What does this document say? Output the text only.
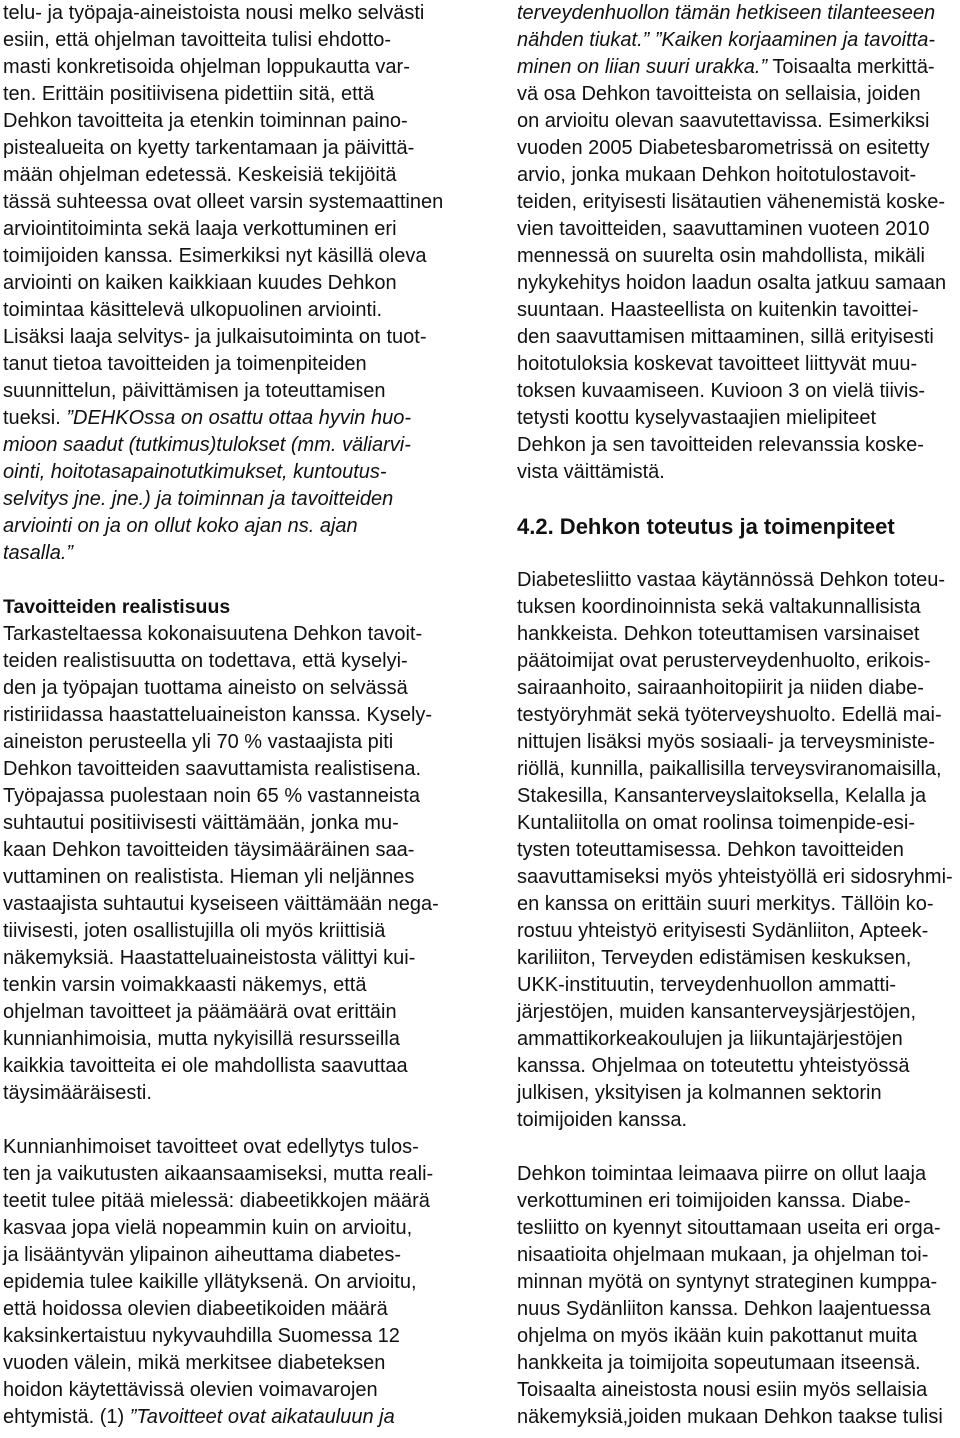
telu- ja työpaja-aineistoista nousi melko selvästi
esiin, että ohjelman tavoitteita tulisi ehdotto-
masti konkretisoida ohjelman loppukautta var-
ten. Erittäin positiivisena pidettiin sitä, että
Dehkon tavoitteita ja etenkin toiminnan paino-
pistealueita on kyetty tarkentamaan ja päivittä-
mään ohjelman edetessä. Keskeisiä tekijöitä
tässä suhteessa ovat olleet varsin systemaattinen
arviointitoiminta sekä laaja verkottuminen eri
toimijoiden kanssa. Esimerkiksi nyt käsillä oleva
arviointi on kaiken kaikkiaan kuudes Dehkon
toimintaa käsittelevä ulkopuolinen arviointi.
Lisäksi laaja selvitys- ja julkaisutoiminta on tuot-
tanut tietoa tavoitteiden ja toimenpiteiden
suunnittelun, päivittämisen ja toteuttamisen
tueksi. ”DEHKOssa on osattu ottaa hyvin huo-
mioon saadut (tutkimus)tulokset (mm. väliarvi-
ointi, hoitotasapainotutkimukset, kuntoutus-
selvitys jne. jne.) ja toiminnan ja tavoitteiden
arviointi on ja on ollut koko ajan ns. ajan
tasalla.”
Tavoitteiden realistisuus
Tarkasteltaessa kokonaisuutena Dehkon tavoit-
teiden realistisuutta on todettava, että kyselyi-
den ja työpajan tuottama aineisto on selvässä
ristiriidassa haastatteluaineiston kanssa. Kysely-
aineiston perusteella yli 70 % vastaajista piti
Dehkon tavoitteiden saavuttamista realistisena.
Työpajassa puolestaan noin 65 % vastanneista
suhtautui positiivisesti väittämään, jonka mu-
kaan Dehkon tavoitteiden täysimääräinen saa-
vuttaminen on realistista. Hieman yli neljännes
vastaajista suhtautui kyseiseen väittämään nega-
tiivisesti, joten osallistujilla oli myös kriittisiä
näkemyksiä. Haastatteluaineistosta välittyi kui-
tenkin varsin voimakkaasti näkemys, että
ohjelman tavoitteet ja päämäärä ovat erittäin
kunnianhimoisia, mutta nykyisillä resursseilla
kaikkia tavoitteita ei ole mahdollista saavuttaa
täysimääräisesti.
Kunnianhimoiset tavoitteet ovat edellytys tulos-
ten ja vaikutusten aikaansaamiseksi, mutta reali-
teetit tulee pitää mielessä: diabeetikkojen määrä
kasvaa jopa vielä nopeammin kuin on arvioitu,
ja lisääntyvän ylipainon aiheuttama diabetes-
epidemia tulee kaikille yllätyksenä. On arvioitu,
että hoidossa olevien diabeetikoiden määrä
kaksinkertaistuu nykyvauhdilla Suomessa 12
vuoden välein, mikä merkitsee diabeteksen
hoidon käytettävissä olevien voimavarojen
ehtymistä. (1) ”Tavoitteet ovat aikatauluun ja
terveydenhuollon tämän hetkiseen tilanteeseen
nähden tiukat.” ”Kaiken korjaaminen ja tavoitta-
minen on liian suuri urakka.” Toisaalta merkittä-
vä osa Dehkon tavoitteista on sellaisia, joiden
on arvioitu olevan saavutettavissa. Esimerkiksi
vuoden 2005 Diabetesbarometrissä on esitetty
arvio, jonka mukaan Dehkon hoitotulostavoit-
teiden, erityisesti lisätautien vähenemistä koske-
vien tavoitteiden, saavuttaminen vuoteen 2010
mennessä on suurelta osin mahdollista, mikäli
nykykehitys hoidon laadun osalta jatkuu samaan
suuntaan. Haasteellista on kuitenkin tavoittei-
den saavuttamisen mittaaminen, sillä erityisesti
hoitotuloksia koskevat tavoitteet liittyvät muu-
toksen kuvaamiseen. Kuvioon 3 on vielä tiivis-
tetysti koottu kyselyvastaajien mielipiteet
Dehkon ja sen tavoitteiden relevanssia koske-
vista väittämistä.
4.2. Dehkon toteutus ja toimenpiteet
Diabetesliitto vastaa käytännössä Dehkon toteu-
tuksen koordinoinnista sekä valtakunnallisista
hankkeista. Dehkon toteuttamisen varsinaiset
päätoimijat ovat perusterveydenhuolto, erikois-
sairaanhoito, sairaanhoitopiirit ja niiden diabe-
testyöryhmät sekä työterveyshuolto. Edellä mai-
nittujen lisäksi myös sosiaali- ja terveysministe-
riöllä, kunnilla, paikallisilla terveysviranomaisilla,
Stakesilla, Kansanterveyslaitoksella, Kelalla ja
Kuntaliitolla on omat roolinsa toimenpide-esi-
tysten toteuttamisessa. Dehkon tavoitteiden
saavuttamiseksi myös yhteistyöllä eri sidosryhmi-
en kanssa on erittäin suuri merkitys. Tällöin ko-
rostuu yhteistyö erityisesti Sydänliiton, Apteek-
kariliiton, Terveyden edistämisen keskuksen,
UKK-instituutin, terveydenhuollon ammatti-
järjestöjen, muiden kansanterveysjärjestöjen,
ammattikorkeakoulujen ja liikuntajärjestöjen
kanssa. Ohjelmaa on toteutettu yhteistyössä
julkisen, yksityisen ja kolmannen sektorin
toimijoiden kanssa.
Dehkon toimintaa leimaava piirre on ollut laaja
verkottuminen eri toimijoiden kanssa. Diabe-
tesliitto on kyennyt sitouttamaan useita eri orga-
nisaatioita ohjelmaan mukaan, ja ohjelman toi-
minnan myötä on syntynyt strateginen kumppa-
nuus Sydänliiton kanssa. Dehkon laajentuessa
ohjelma on myös ikään kuin pakottanut muita
hankkeita ja toimijoita sopeutumaan itseensä.
Toisaalta aineistosta nousi esiin myös sellaisia
näkemyksiä,joiden mukaan Dehkon taakse tulisi
